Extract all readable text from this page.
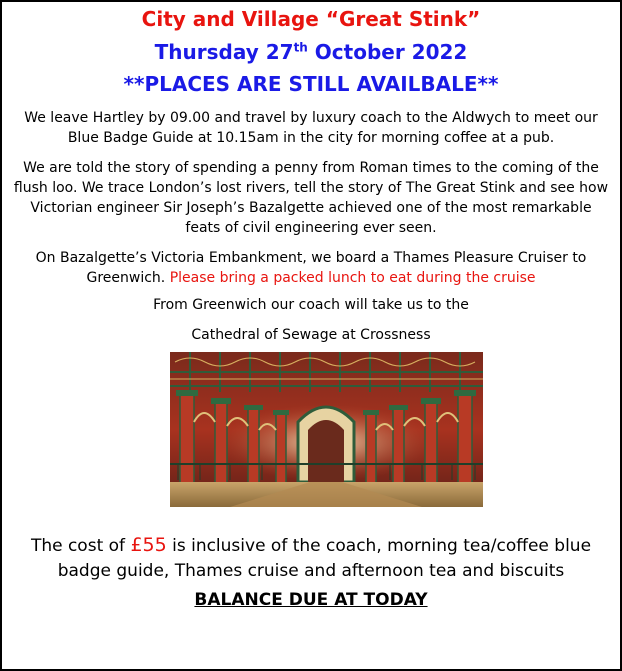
City and Village “Great Stink”

Thursday 27th October 2022

**PLACES ARE STILL AVAILBALE**

We leave Hartley by 09.00 and travel by luxury coach to the Aldwych to meet our Blue Badge Guide at 10.15am in the city for morning coffee at a pub.

We are told the story of spending a penny from Roman times to the coming of the flush loo. We trace London’s lost rivers, tell the story of The Great Stink and see how Victorian engineer Sir Joseph’s Bazalgette achieved one of the most remarkable feats of civil engineering ever seen.

On Bazalgette’s Victoria Embankment, we board a Thames Pleasure Cruiser to Greenwich. Please bring a packed lunch to eat during the cruise

From Greenwich our coach will take us to the

Cathedral of Sewage at Crossness

The cost of £55 is inclusive of the coach, morning tea/coffee blue badge guide, Thames cruise and afternoon tea and biscuits

BALANCE DUE AT TODAY
